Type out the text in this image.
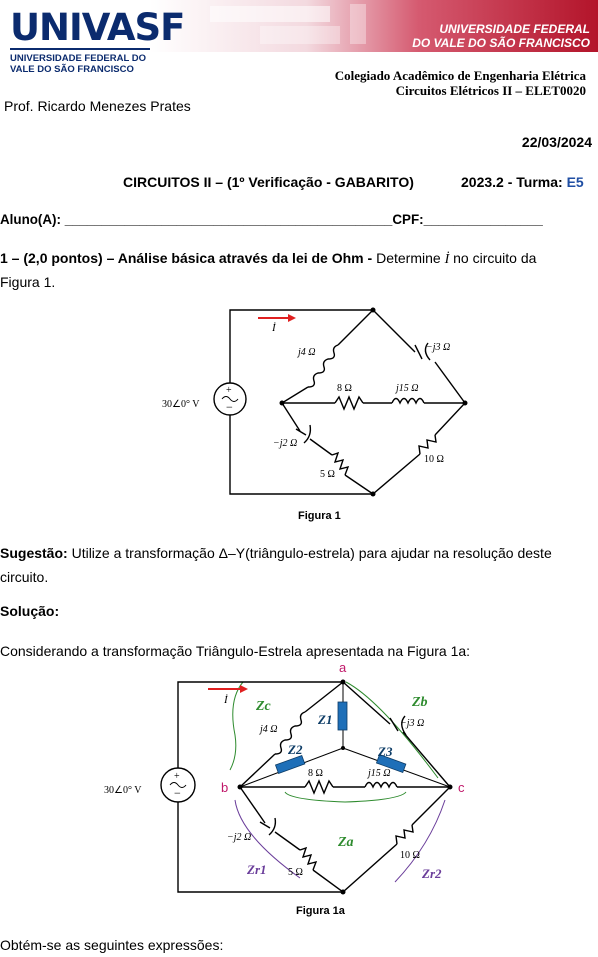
UNIVASF
UNIVERSIDADE FEDERAL DO
VALE DO SÃO FRANCISCO
UNIVERSIDADE FEDERAL
DO VALE DO SÃO FRANCISCO
Colegiado Acadêmico de Engenharia Elétrica
Circuitos Elétricos II – ELET0020
Prof. Ricardo Menezes Prates
22/03/2024
CIRCUITOS II – (1º Verificação - GABARITO)	2023.2 - Turma: E5
Aluno(A): ____________________________________________CPF:________________
1 – (2,0 pontos) – Análise básica através da lei de Ohm - Determine İ no circuito da
Figura 1.
+
−
İ
30∠0° V
j4 Ω	−j3 Ω
8 Ω	j15 Ω
−j2 Ω
5 Ω
10 Ω
Figura 1
Sugestão: Utilize a transformação Δ–Y(triângulo-estrela) para ajudar na resolução deste
circuito.
Solução:
Considerando a transformação Triângulo-Estrela apresentada na Figura 1a:
+
−
İ
a
b	c
30∠0° V
j4 Ω
−j3 Ω
8 Ω	j15 Ω
−j2 Ω
5 Ω
10 Ω
Zc	Zb
Za
Zr1	Zr2
Z1
Z2	Z3
Figura 1a
Obtém-se as seguintes expressões:
